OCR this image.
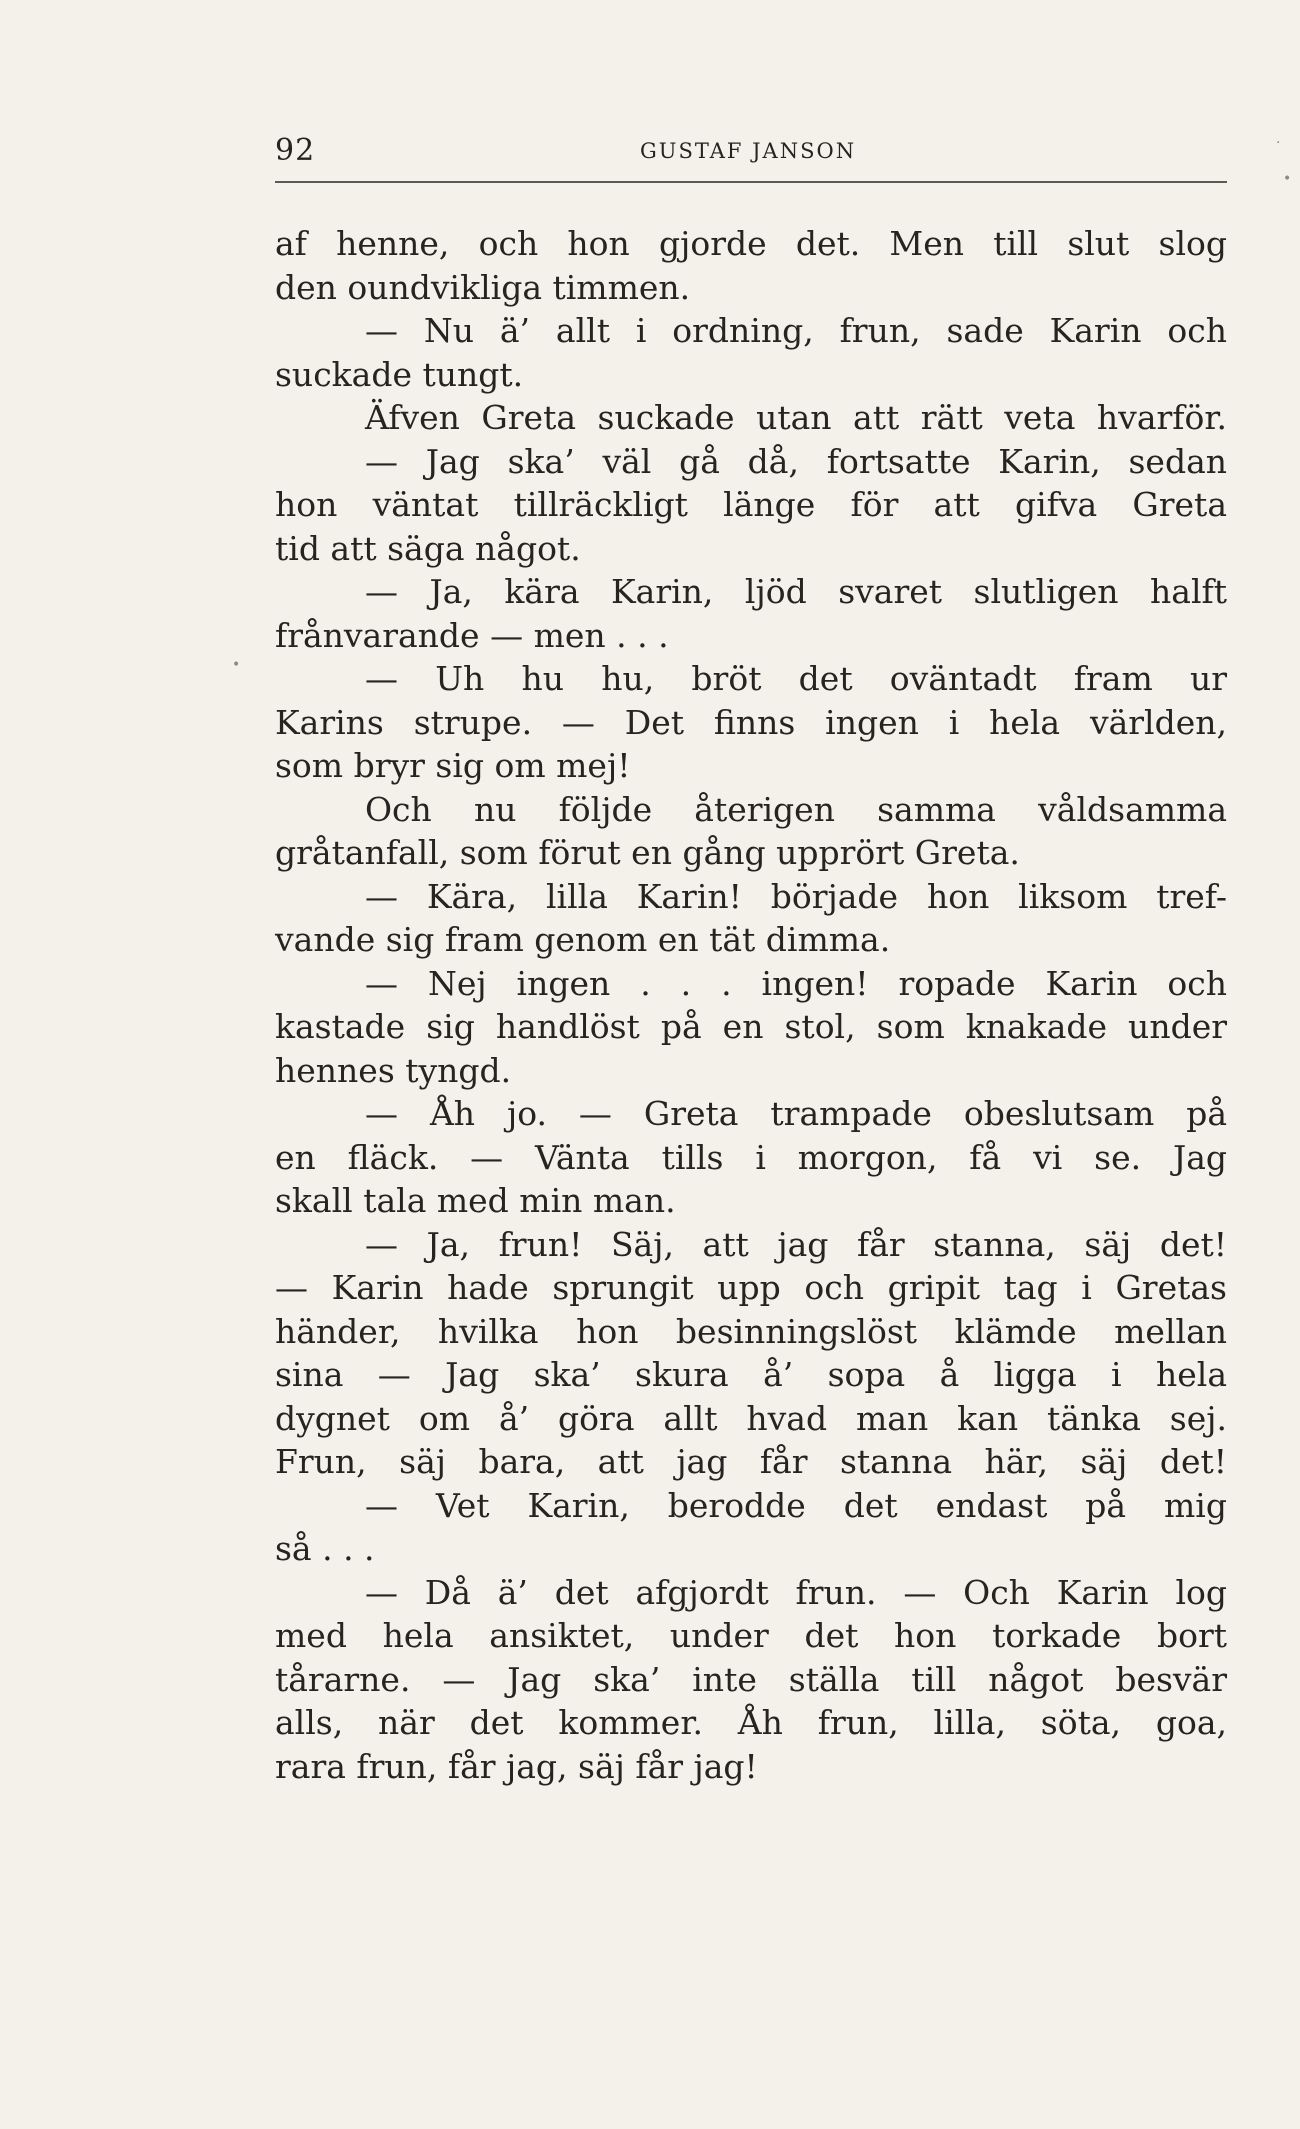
92	GUSTAF JANSON	·
•
•
af henne, och hon gjorde det. Men till slut slog
den oundvikliga timmen.
— Nu ä’ allt i ordning, frun, sade Karin och
suckade tungt.
Äfven Greta suckade utan att rätt veta hvarför.
— Jag ska’ väl gå då, fortsatte Karin, sedan
hon väntat tillräckligt länge för att gifva Greta
tid att säga något.
— Ja, kära Karin, ljöd svaret slutligen halft
frånvarande — men . . .
— Uh hu hu, bröt det oväntadt fram ur
Karins strupe. — Det finns ingen i hela världen,
som bryr sig om mej!
Och nu följde återigen samma våldsamma
gråtanfall, som förut en gång upprört Greta.
— Kära, lilla Karin! började hon liksom tref-
vande sig fram genom en tät dimma.
— Nej ingen . . . ingen! ropade Karin och
kastade sig handlöst på en stol, som knakade under
hennes tyngd.
— Åh jo. — Greta trampade obeslutsam på
en fläck. — Vänta tills i morgon, få vi se. Jag
skall tala med min man.
— Ja, frun! Säj, att jag får stanna, säj det!
— Karin hade sprungit upp och gripit tag i Gretas
händer, hvilka hon besinningslöst klämde mellan
sina — Jag ska’ skura å’ sopa å ligga i hela
dygnet om å’ göra allt hvad man kan tänka sej.
Frun, säj bara, att jag får stanna här, säj det!
— Vet Karin, berodde det endast på mig
så . . .
— Då ä’ det afgjordt frun. — Och Karin log
med hela ansiktet, under det hon torkade bort
tårarne. — Jag ska’ inte ställa till något besvär
alls, när det kommer. Åh frun, lilla, söta, goa,
rara frun, får jag, säj får jag!
